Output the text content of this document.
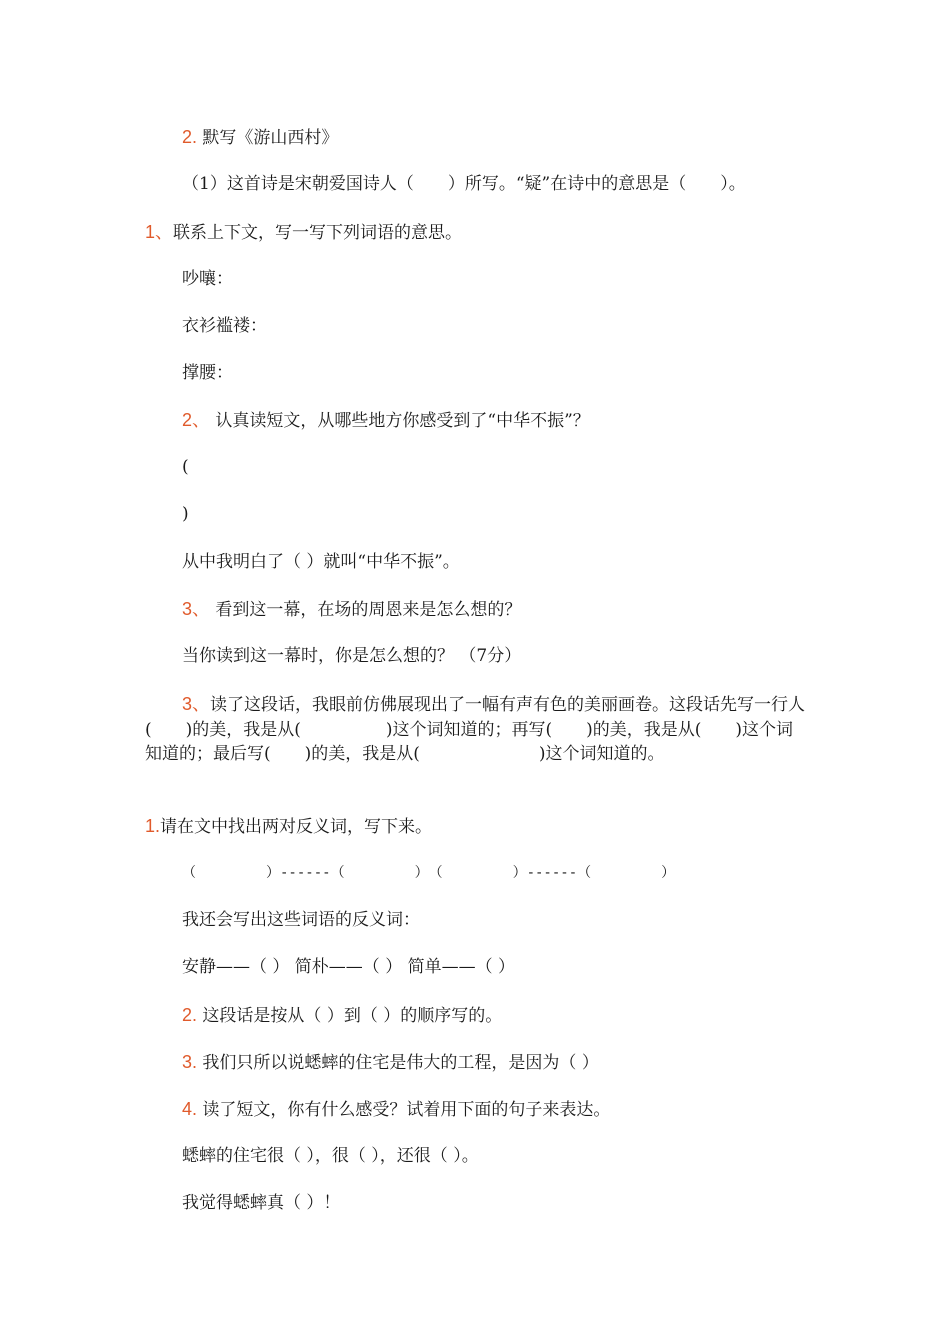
2. 默写《游山西村》
（1）这首诗是宋朝爱国诗人（　　）所写。“疑”在诗中的意思是（　　）。
1、联系上下文，写一写下列词语的意思。
吵嚷：
衣衫褴褛：
撑腰：
2、 认真读短文，从哪些地方你感受到了“中华不振”？
(
)
从中我明白了（ ）就叫“中华不振”。
3、 看到这一幕，在场的周恩来是怎么想的？
当你读到这一幕时，你是怎么想的？ （7分）
3、读了这段话，我眼前仿佛展现出了一幅有声有色的美丽画卷。这段话先写一行人(　　)的美，我是从(　　　　　)这个词知道的；再写(　　)的美，我是从(　　)这个词知道的；最后写(　　)的美，我是从(　　　　　　　)这个词知道的。
1.请在文中找出两对反义词，写下来。
（　　　　　）------（　　　　　）　（　　　　　）------（　　　　　）
我还会写出这些词语的反义词：
安静——（ ） 简朴——（ ） 简单——（ ）
2. 这段话是按从（ ）到（ ）的顺序写的。
3. 我们只所以说蟋蟀的住宅是伟大的工程，是因为（ ）
4. 读了短文，你有什么感受？试着用下面的句子来表达。
蟋蟀的住宅很（ ），很（ ），还很（ ）。
我觉得蟋蟀真（ ）！
